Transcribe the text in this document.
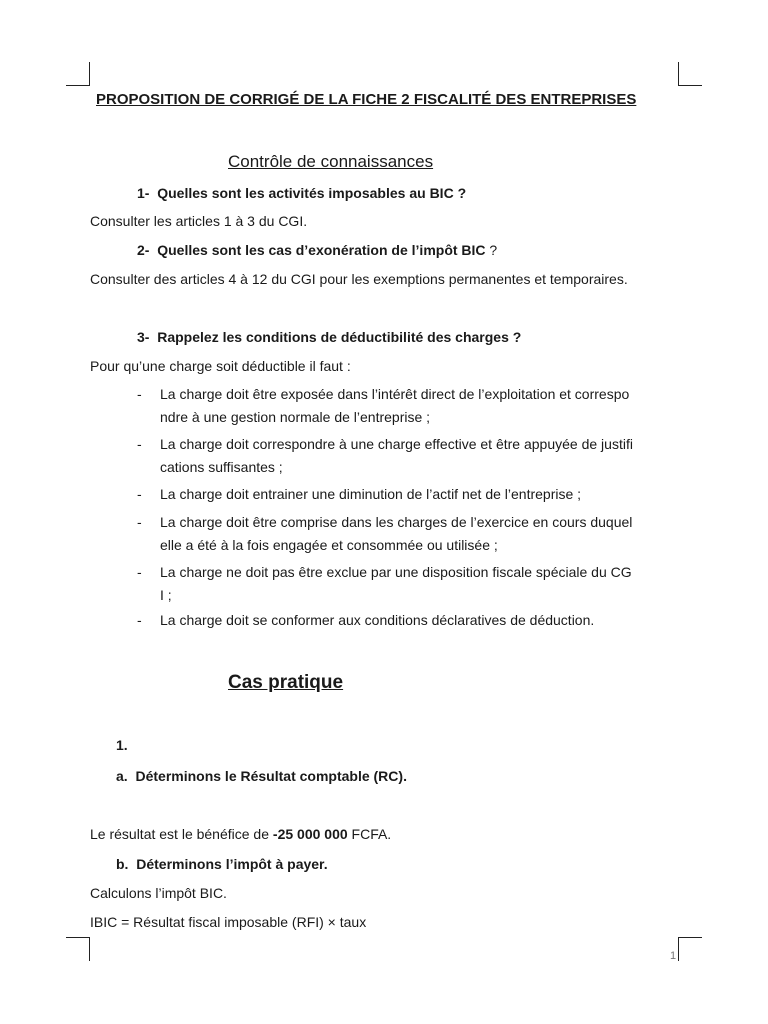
PROPOSITION DE CORRIGÉ DE LA FICHE 2 FISCALITÉ DES ENTREPRISES
Contrôle de connaissances
1- Quelles sont les activités imposables au BIC ?
Consulter les articles 1 à 3 du CGI.
2- Quelles sont les cas d’exonération de l’impôt BIC ?
Consulter des articles 4 à 12 du CGI pour les exemptions permanentes et temporaires.
3- Rappelez les conditions de déductibilité des charges ?
Pour qu’une charge soit déductible il faut :
- La charge doit être exposée dans l’intérêt direct de l’exploitation et correspo
ndre à une gestion normale de l’entreprise ;
- La charge doit correspondre à une charge effective et être appuyée de justifi
cations suffisantes ;
- La charge doit entrainer une diminution de l’actif net de l’entreprise ;
- La charge doit être comprise dans les charges de l’exercice en cours duquel
elle a été à la fois engagée et consommée ou utilisée ;
- La charge ne doit pas être exclue par une disposition fiscale spéciale du CG
I ;
- La charge doit se conformer aux conditions déclaratives de déduction.
Cas pratique
1.
a. Déterminons le Résultat comptable (RC).
Le résultat est le bénéfice de -25 000 000 FCFA.
b. Déterminons l’impôt à payer.
Calculons l’impôt BIC.
IBIC = Résultat fiscal imposable (RFI) × taux
1
